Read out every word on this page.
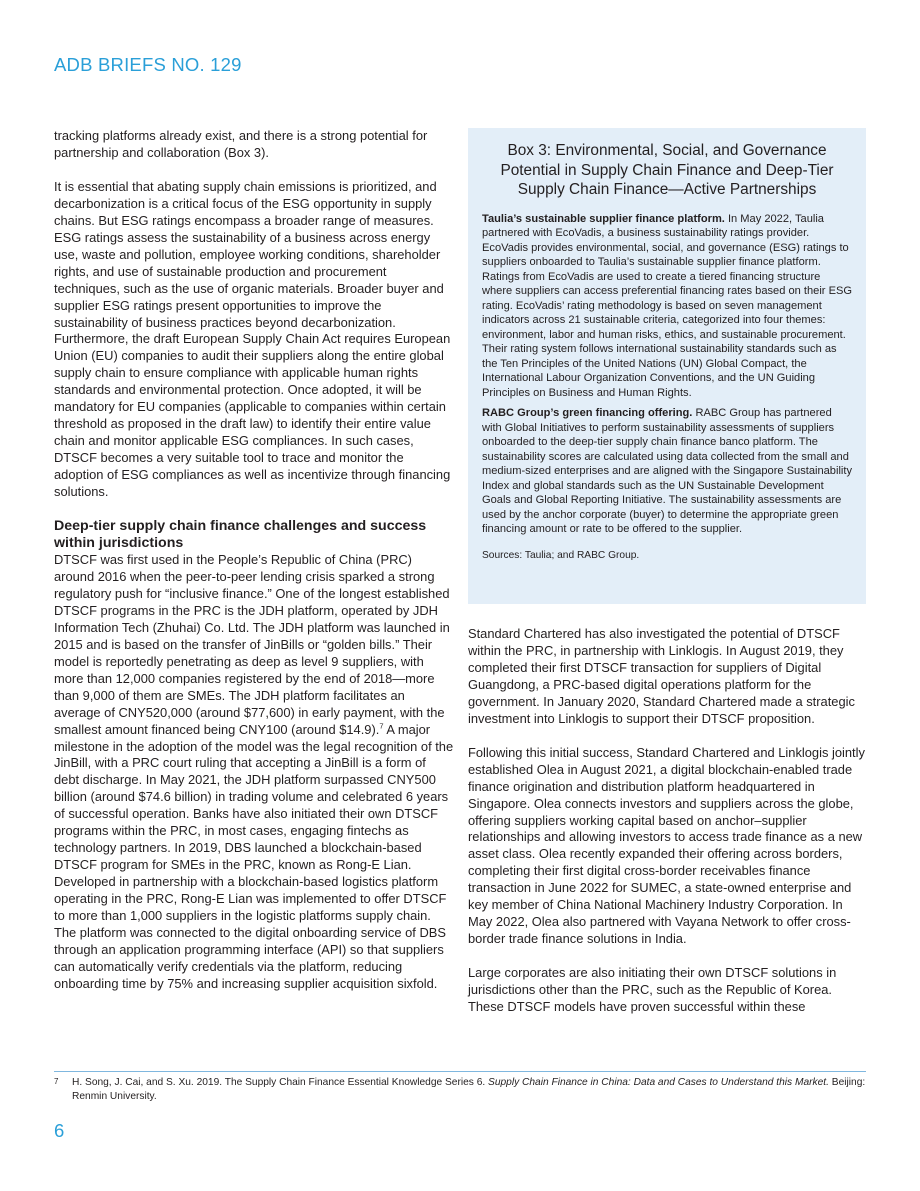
ADB BRIEFS NO. 129

tracking platforms already exist, and there is a strong potential for partnership and collaboration (Box 3).

It is essential that abating supply chain emissions is prioritized, and decarbonization is a critical focus of the ESG opportunity in supply chains. But ESG ratings encompass a broader range of measures. ESG ratings assess the sustainability of a business across energy use, waste and pollution, employee working conditions, shareholder rights, and use of sustainable production and procurement techniques, such as the use of organic materials. Broader buyer and supplier ESG ratings present opportunities to improve the sustainability of business practices beyond decarbonization. Furthermore, the draft European Supply Chain Act requires European Union (EU) companies to audit their suppliers along the entire global supply chain to ensure compliance with applicable human rights standards and environmental protection. Once adopted, it will be mandatory for EU companies (applicable to companies within certain threshold as proposed in the draft law) to identify their entire value chain and monitor applicable ESG compliances. In such cases, DTSCF becomes a very suitable tool to trace and monitor the adoption of ESG compliances as well as incentivize through financing solutions.

Deep-tier supply chain finance challenges and success within jurisdictions

DTSCF was first used in the People’s Republic of China (PRC) around 2016 when the peer-to-peer lending crisis sparked a strong regulatory push for “inclusive finance.” One of the longest established DTSCF programs in the PRC is the JDH platform, operated by JDH Information Tech (Zhuhai) Co. Ltd. The JDH platform was launched in 2015 and is based on the transfer of JinBills or “golden bills.” Their model is reportedly penetrating as deep as level 9 suppliers, with more than 12,000 companies registered by the end of 2018—more than 9,000 of them are SMEs. The JDH platform facilitates an average of CNY520,000 (around $77,600) in early payment, with the smallest amount financed being CNY100 (around $14.9).$^7$ A major milestone in the adoption of the model was the legal recognition of the JinBill, with a PRC court ruling that accepting a JinBill is a form of debt discharge. In May 2021, the JDH platform surpassed CNY500 billion (around $74.6 billion) in trading volume and celebrated 6 years of successful operation. Banks have also initiated their own DTSCF programs within the PRC, in most cases, engaging fintechs as technology partners. In 2019, DBS launched a blockchain-based DTSCF program for SMEs in the PRC, known as Rong-E Lian. Developed in partnership with a blockchain-based logistics platform operating in the PRC, Rong-E Lian was implemented to offer DTSCF to more than 1,000 suppliers in the logistic platforms supply chain. The platform was connected to the digital onboarding service of DBS through an application programming interface (API) so that suppliers can automatically verify credentials via the platform, reducing onboarding time by 75% and increasing supplier acquisition sixfold.

Box 3: Environmental, Social, and Governance Potential in Supply Chain Finance and Deep-Tier Supply Chain Finance—Active Partnerships

Taulia’s sustainable supplier finance platform. In May 2022, Taulia partnered with EcoVadis, a business sustainability ratings provider. EcoVadis provides environmental, social, and governance (ESG) ratings to suppliers onboarded to Taulia’s sustainable supplier finance platform. Ratings from EcoVadis are used to create a tiered financing structure where suppliers can access preferential financing rates based on their ESG rating. EcoVadis’ rating methodology is based on seven management indicators across 21 sustainable criteria, categorized into four themes: environment, labor and human risks, ethics, and sustainable procurement. Their rating system follows international sustainability standards such as the Ten Principles of the United Nations (UN) Global Compact, the International Labour Organization Conventions, and the UN Guiding Principles on Business and Human Rights.

RABC Group’s green financing offering. RABC Group has partnered with Global Initiatives to perform sustainability assessments of suppliers onboarded to the deep-tier supply chain finance banco platform. The sustainability scores are calculated using data collected from the small and medium-sized enterprises and are aligned with the Singapore Sustainability Index and global standards such as the UN Sustainable Development Goals and Global Reporting Initiative. The sustainability assessments are used by the anchor corporate (buyer) to determine the appropriate green financing amount or rate to be offered to the supplier.

Sources: Taulia; and RABC Group.

Standard Chartered has also investigated the potential of DTSCF within the PRC, in partnership with Linklogis. In August 2019, they completed their first DTSCF transaction for suppliers of Digital Guangdong, a PRC-based digital operations platform for the government. In January 2020, Standard Chartered made a strategic investment into Linklogis to support their DTSCF proposition.

Following this initial success, Standard Chartered and Linklogis jointly established Olea in August 2021, a digital blockchain-enabled trade finance origination and distribution platform headquartered in Singapore. Olea connects investors and suppliers across the globe, offering suppliers working capital based on anchor–supplier relationships and allowing investors to access trade finance as a new asset class. Olea recently expanded their offering across borders, completing their first digital cross-border receivables finance transaction in June 2022 for SUMEC, a state-owned enterprise and key member of China National Machinery Industry Corporation. In May 2022, Olea also partnered with Vayana Network to offer cross-border trade finance solutions in India.

Large corporates are also initiating their own DTSCF solutions in jurisdictions other than the PRC, such as the Republic of Korea. These DTSCF models have proven successful within these

7 H. Song, J. Cai, and S. Xu. 2019. The Supply Chain Finance Essential Knowledge Series 6. Supply Chain Finance in China: Data and Cases to Understand this Market. Beijing: Renmin University.
6
